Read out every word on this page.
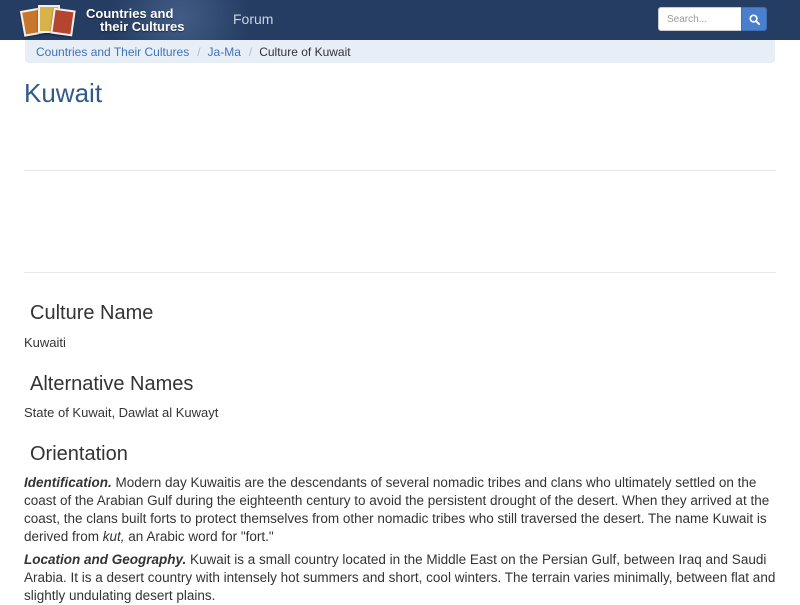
Countries and
their Cultures	Forum
Search...
Countries and Their Cultures / Ja-Ma / Culture of Kuwait
Kuwait
Culture Name

Kuwaiti

Alternative Names

State of Kuwait, Dawlat al Kuwayt

Orientation

Identification. Modern day Kuwaitis are the descendants of several nomadic tribes and clans who ultimately settled on the coast of the Arabian Gulf during the eighteenth century to avoid the persistent drought of the desert. When they arrived at the coast, the clans built forts to protect themselves from other nomadic tribes who still traversed the desert. The name Kuwait is derived from kut, an Arabic word for "fort."

Location and Geography. Kuwait is a small country located in the Middle East on the Persian Gulf, between Iraq and Saudi Arabia. It is a desert country with intensely hot summers and short, cool winters. The terrain varies minimally, between flat and slightly undulating desert plains.
